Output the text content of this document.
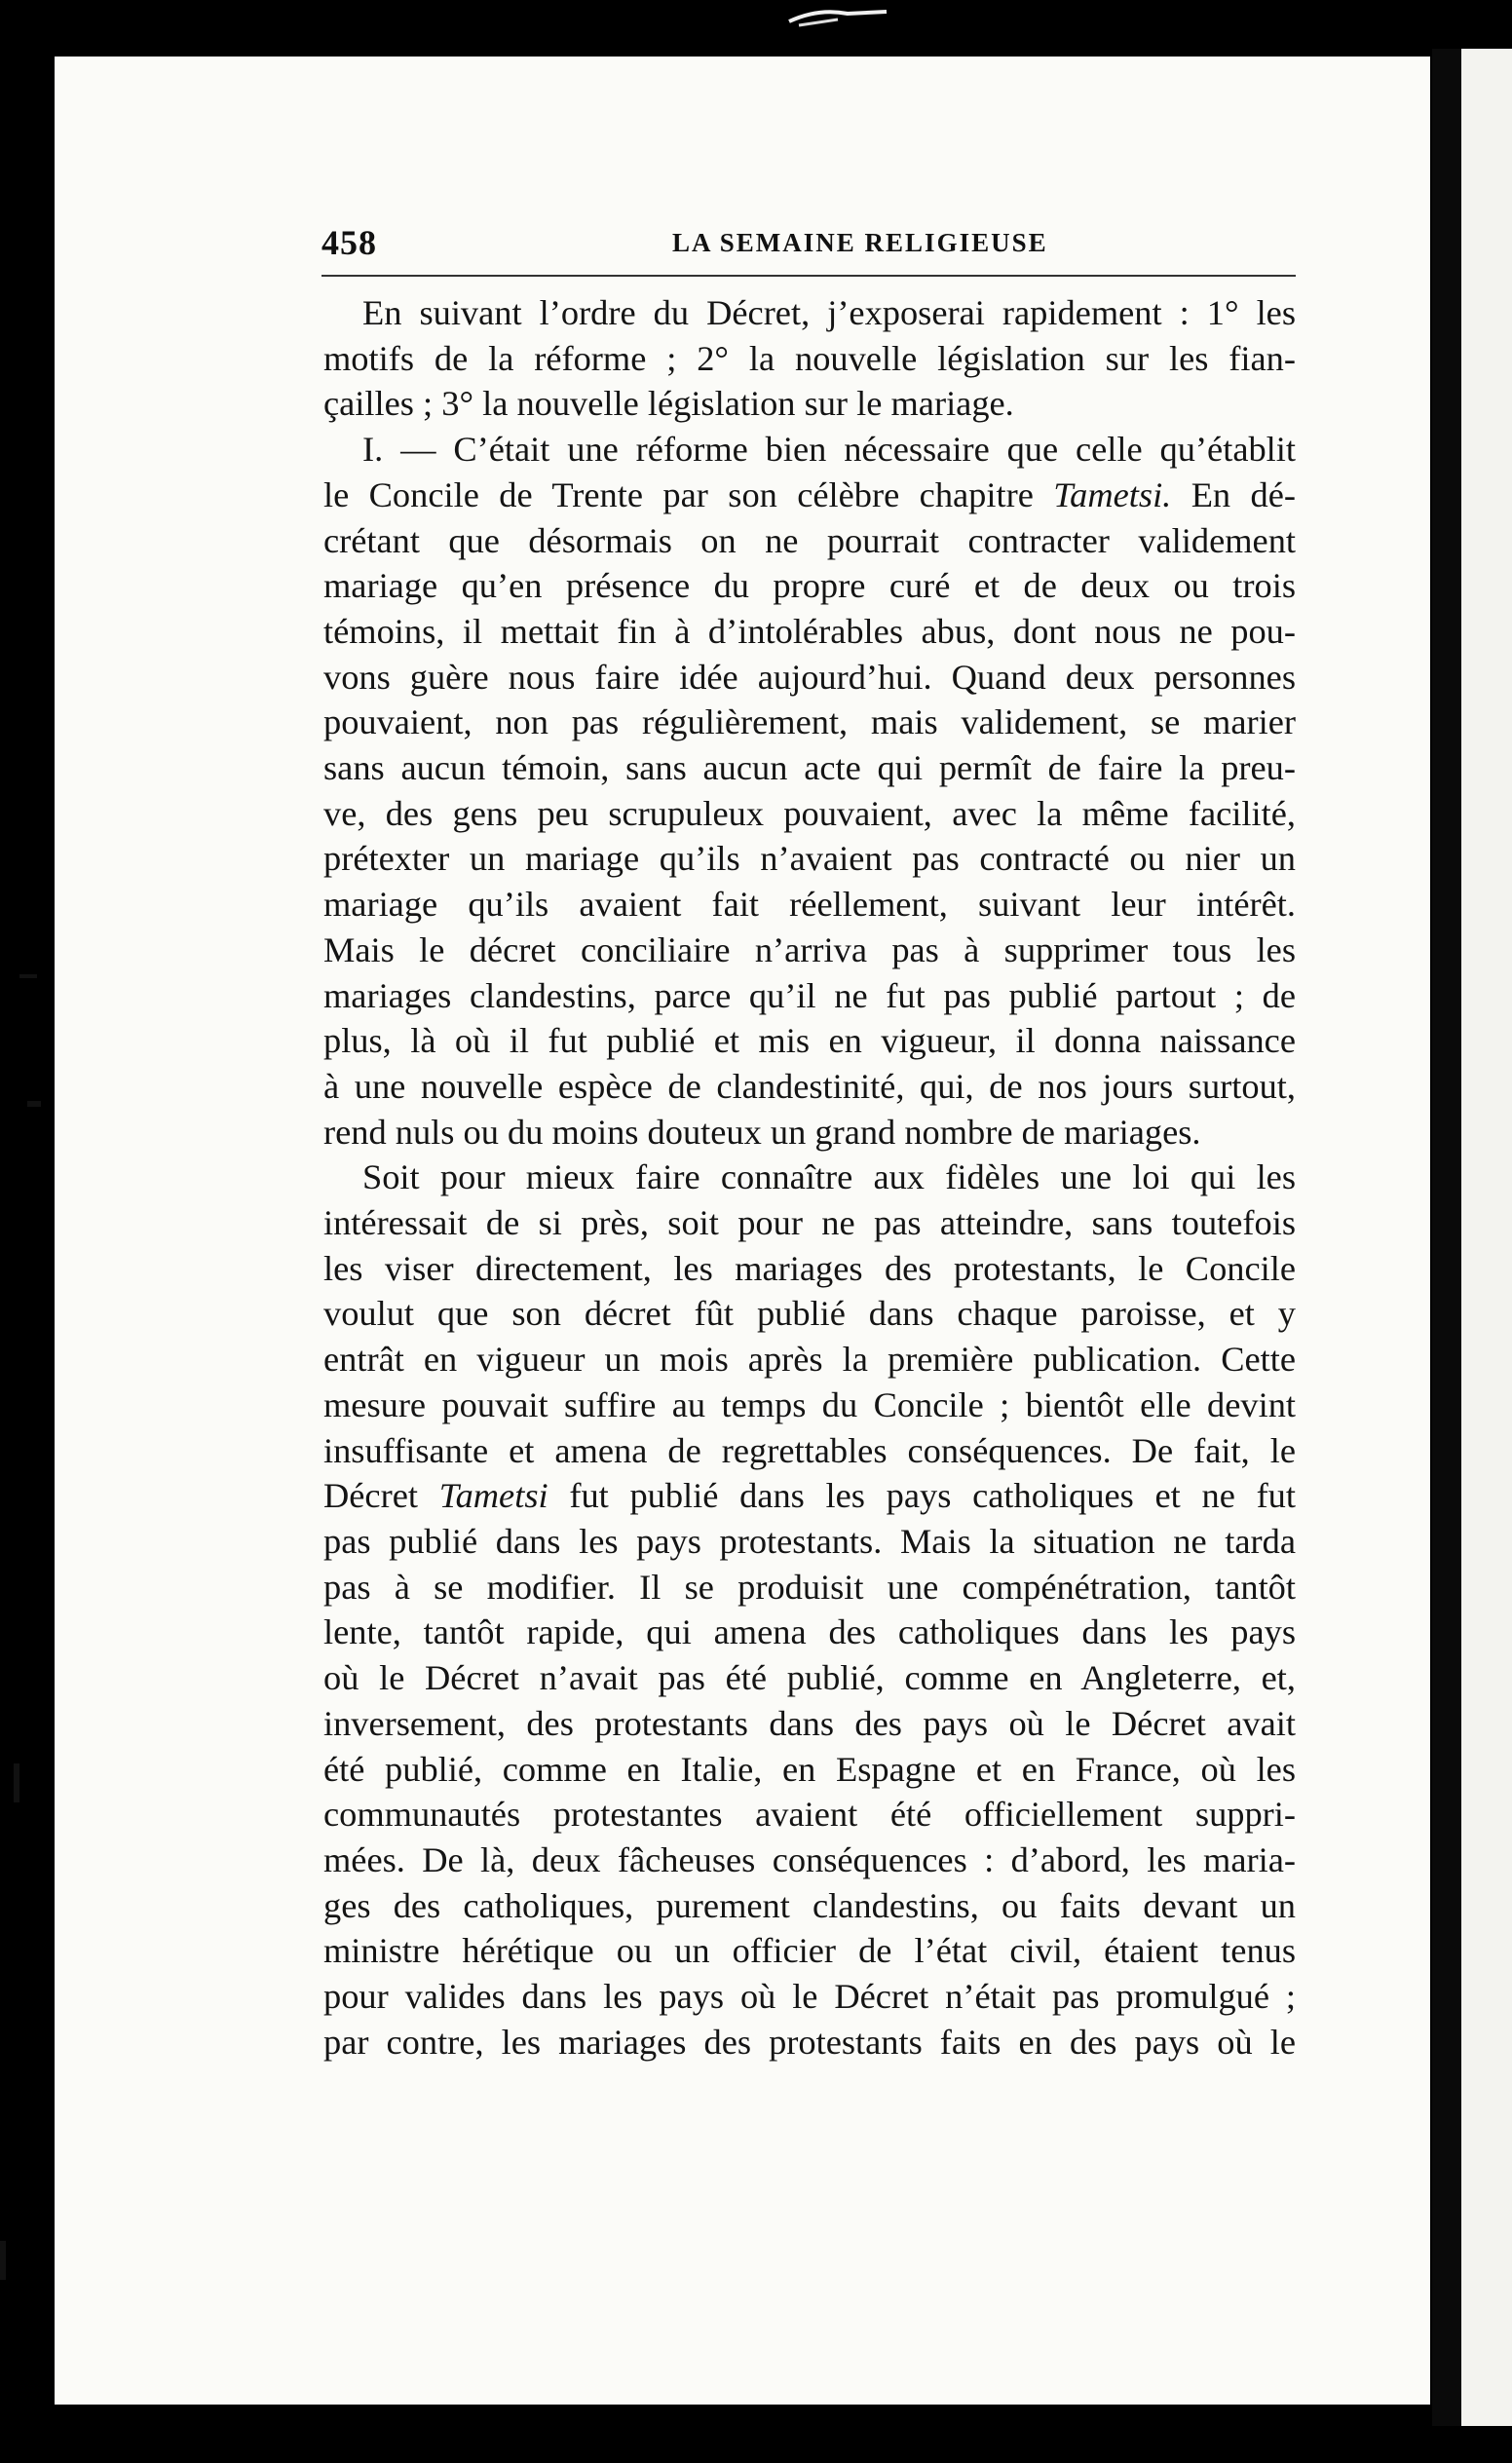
458	LA SEMAINE RELIGIEUSE
En suivant l’ordre du Décret, j’exposerai rapidement : 1° les
motifs de la réforme ; 2° la nouvelle législation sur les fian-
çailles ; 3° la nouvelle législation sur le mariage.
I. — C’était une réforme bien nécessaire que celle qu’établit
le Concile de Trente par son célèbre chapitre Tametsi. En dé-
crétant que désormais on ne pourrait contracter validement
mariage qu’en présence du propre curé et de deux ou trois
témoins, il mettait fin à d’intolérables abus, dont nous ne pou-
vons guère nous faire idée aujourd’hui. Quand deux personnes
pouvaient, non pas régulièrement, mais validement, se marier
sans aucun témoin, sans aucun acte qui permît de faire la preu-
ve, des gens peu scrupuleux pouvaient, avec la même facilité,
prétexter un mariage qu’ils n’avaient pas contracté ou nier un
mariage qu’ils avaient fait réellement, suivant leur intérêt.
Mais le décret conciliaire n’arriva pas à supprimer tous les
mariages clandestins, parce qu’il ne fut pas publié partout ; de
plus, là où il fut publié et mis en vigueur, il donna naissance
à une nouvelle espèce de clandestinité, qui, de nos jours surtout,
rend nuls ou du moins douteux un grand nombre de mariages.
Soit pour mieux faire connaître aux fidèles une loi qui les
intéressait de si près, soit pour ne pas atteindre, sans toutefois
les viser directement, les mariages des protestants, le Concile
voulut que son décret fût publié dans chaque paroisse, et y
entrât en vigueur un mois après la première publication. Cette
mesure pouvait suffire au temps du Concile ; bientôt elle devint
insuffisante et amena de regrettables conséquences. De fait, le
Décret Tametsi fut publié dans les pays catholiques et ne fut
pas publié dans les pays protestants. Mais la situation ne tarda
pas à se modifier. Il se produisit une compénétration, tantôt
lente, tantôt rapide, qui amena des catholiques dans les pays
où le Décret n’avait pas été publié, comme en Angleterre, et,
inversement, des protestants dans des pays où le Décret avait
été publié, comme en Italie, en Espagne et en France, où les
communautés protestantes avaient été officiellement suppri-
mées. De là, deux fâcheuses conséquences : d’abord, les maria-
ges des catholiques, purement clandestins, ou faits devant un
ministre hérétique ou un officier de l’état civil, étaient tenus
pour valides dans les pays où le Décret n’était pas promulgué ;
par contre, les mariages des protestants faits en des pays où le
